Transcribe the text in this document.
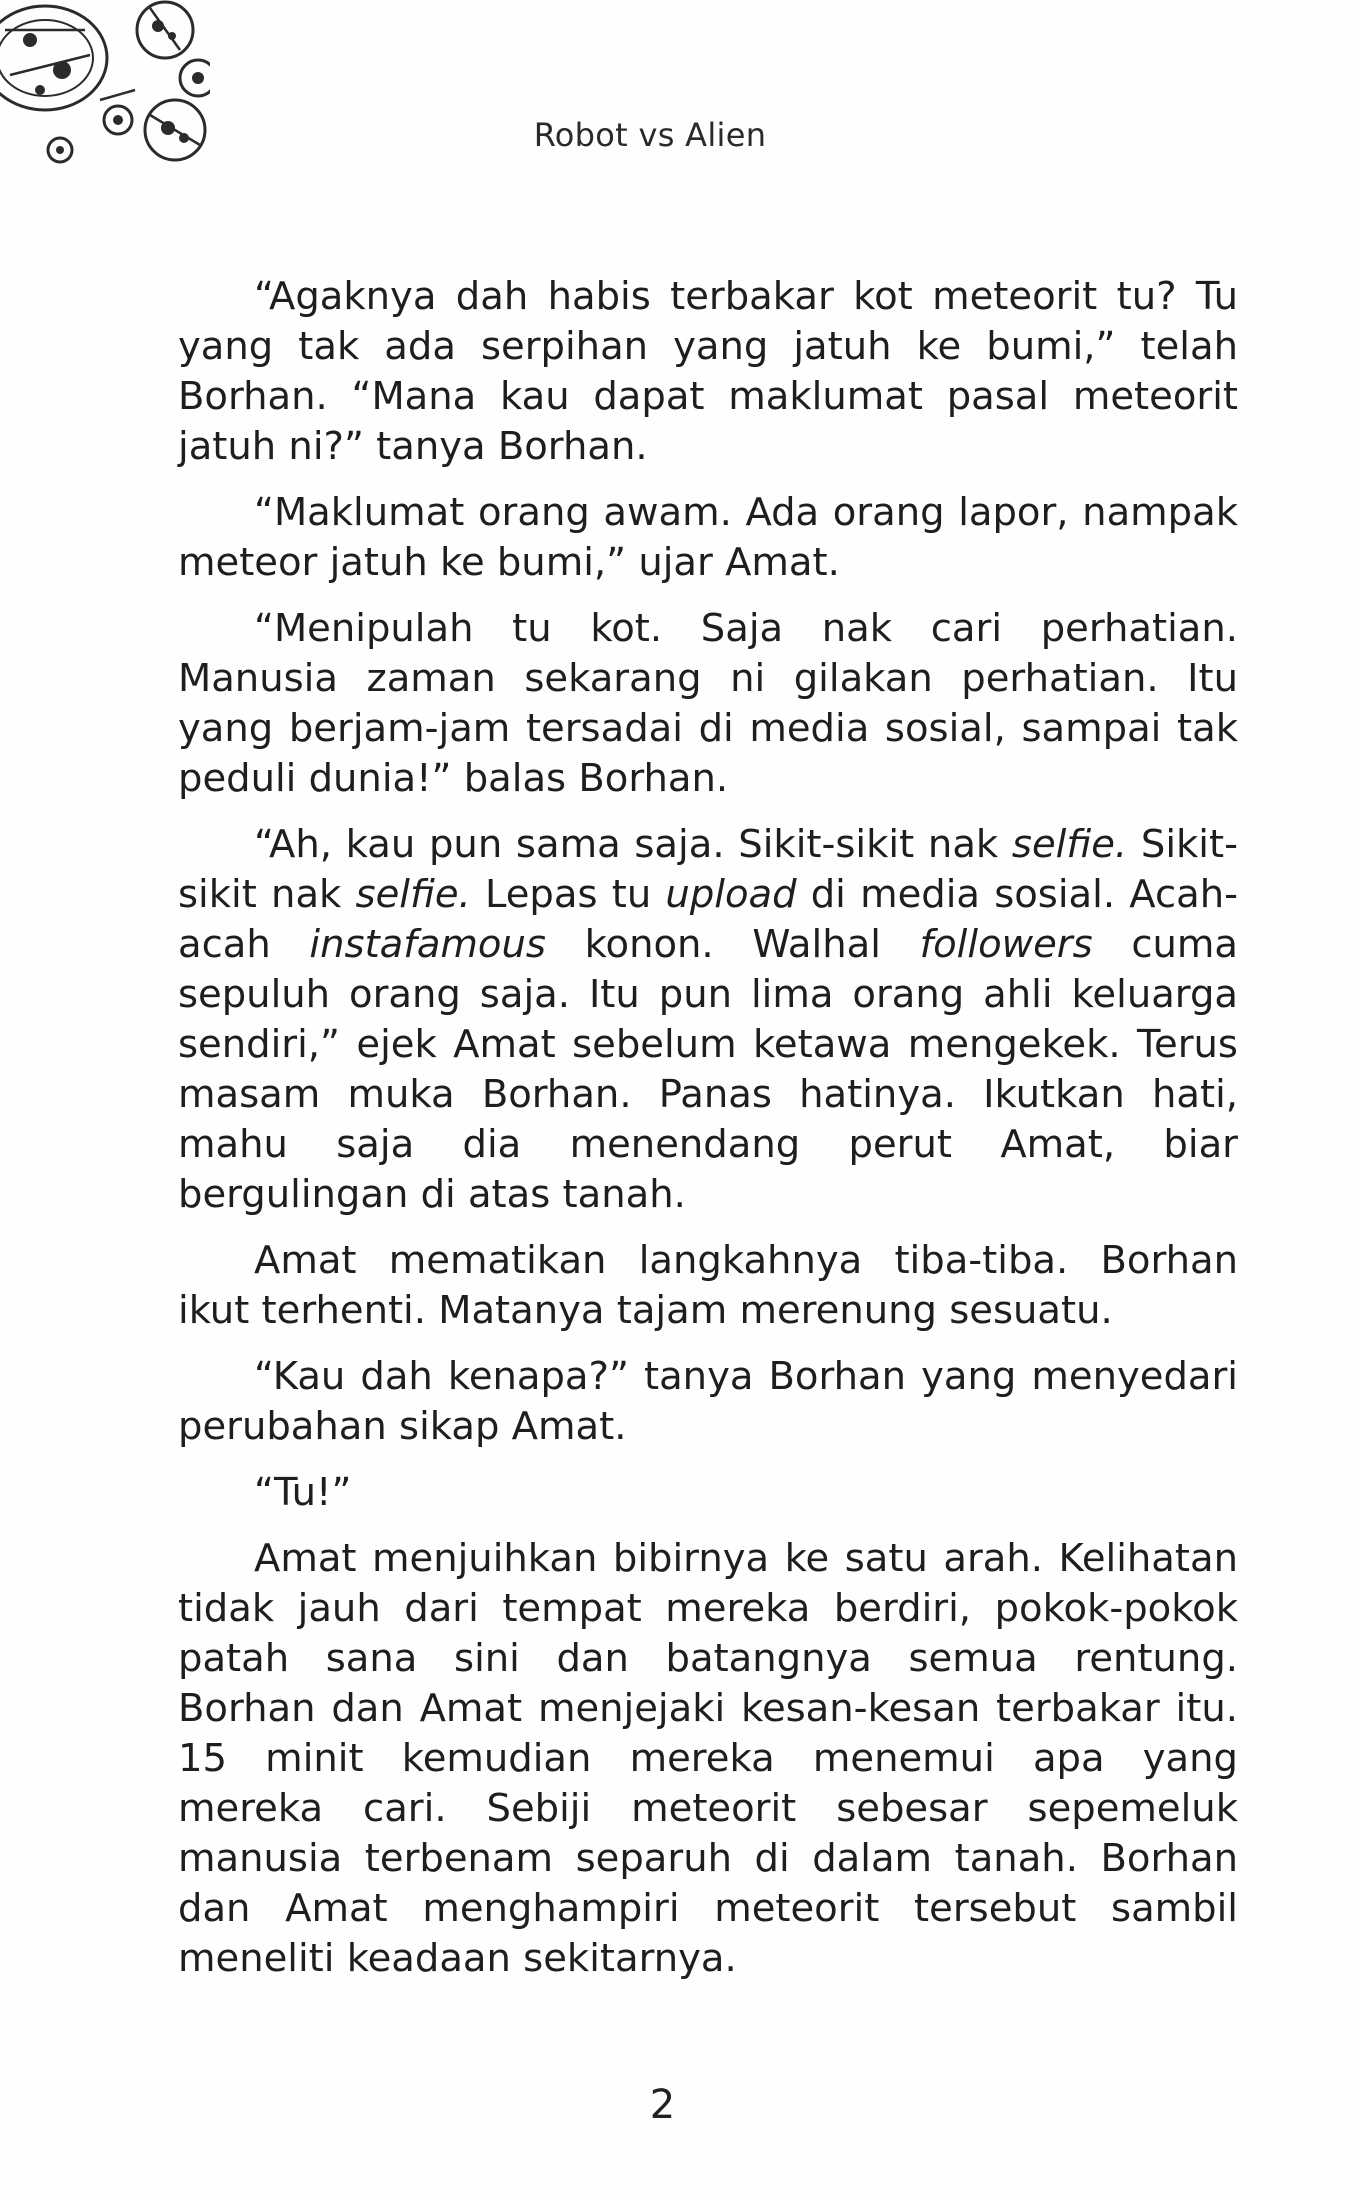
Robot vs Alien

“Agaknya dah habis terbakar kot meteorit tu? Tu yang tak ada serpihan yang jatuh ke bumi,” telah Borhan. “Mana kau dapat maklumat pasal meteorit jatuh ni?” tanya Borhan.

“Maklumat orang awam. Ada orang lapor, nampak meteor jatuh ke bumi,” ujar Amat.

“Menipulah tu kot. Saja nak cari perhatian. Manusia zaman sekarang ni gilakan perhatian. Itu yang berjam-jam tersadai di media sosial, sampai tak peduli dunia!” balas Borhan.

“Ah, kau pun sama saja. Sikit-sikit nak selfie. Sikit-sikit nak selfie. Lepas tu upload di media sosial. Acah-acah instafamous konon. Walhal followers cuma sepuluh orang saja. Itu pun lima orang ahli keluarga sendiri,” ejek Amat sebelum ketawa mengekek. Terus masam muka Borhan. Panas hatinya. Ikutkan hati, mahu saja dia menendang perut Amat, biar bergulingan di atas tanah.

Amat mematikan langkahnya tiba-tiba. Borhan ikut terhenti. Matanya tajam merenung sesuatu.

“Kau dah kenapa?” tanya Borhan yang menyedari perubahan sikap Amat.

“Tu!”

Amat menjuihkan bibirnya ke satu arah. Kelihatan tidak jauh dari tempat mereka berdiri, pokok-pokok patah sana sini dan batangnya semua rentung. Borhan dan Amat menjejaki kesan-kesan terbakar itu. 15 minit kemudian mereka menemui apa yang mereka cari. Sebiji meteorit sebesar sepemeluk manusia terbenam separuh di dalam tanah. Borhan dan Amat menghampiri meteorit tersebut sambil meneliti keadaan sekitarnya.

2
